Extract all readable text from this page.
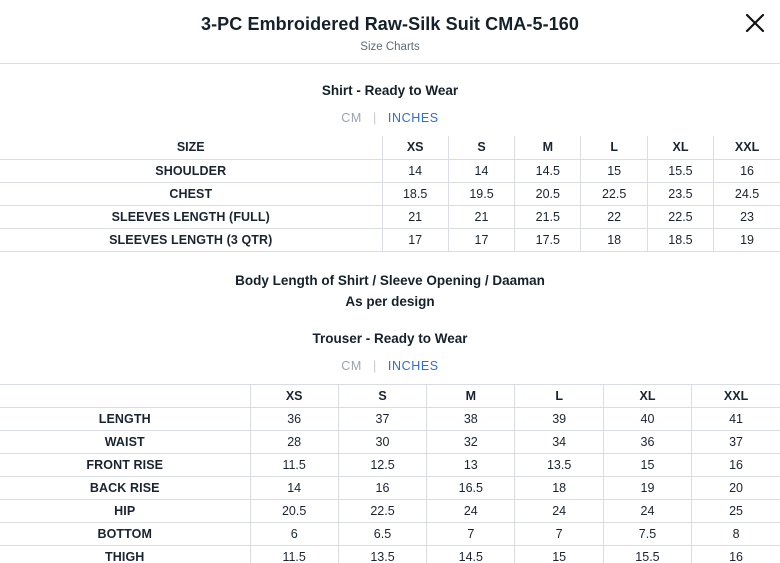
3-PC Embroidered Raw-Silk Suit CMA-5-160
Size Charts
Shirt - Ready to Wear
CM | INCHES
SIZE	XS	S	M	L	XL	XXL
SHOULDER	14	14	14.5	15	15.5	16
CHEST	18.5	19.5	20.5	22.5	23.5	24.5
SLEEVES LENGTH (FULL)	21	21	21.5	22	22.5	23
SLEEVES LENGTH (3 QTR)	17	17	17.5	18	18.5	19
Body Length of Shirt / Sleeve Opening / Daaman
As per design
Trouser - Ready to Wear
CM | INCHES
	XS	S	M	L	XL	XXL
LENGTH	36	37	38	39	40	41
WAIST	28	30	32	34	36	37
FRONT RISE	11.5	12.5	13	13.5	15	16
BACK RISE	14	16	16.5	18	19	20
HIP	20.5	22.5	24	24	24	25
BOTTOM	6	6.5	7	7	7.5	8
THIGH	11.5	13.5	14.5	15	15.5	16
